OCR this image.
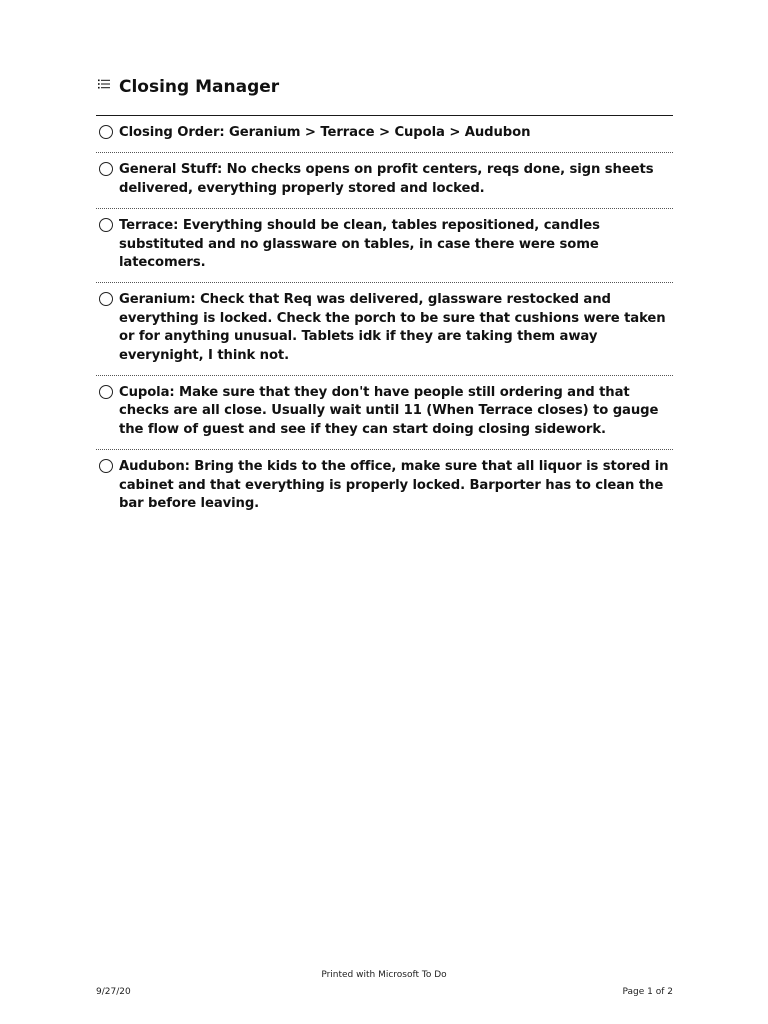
Closing Manager
Closing Order: Geranium > Terrace > Cupola > Audubon
General Stuff: No checks opens on profit centers, reqs done, sign sheets delivered, everything properly stored and locked.
Terrace: Everything should be clean, tables repositioned, candles substituted and no glassware on tables, in case there were some latecomers.
Geranium: Check that Req was delivered, glassware restocked and everything is locked. Check the porch to be sure that cushions were taken or for anything unusual. Tablets idk if they are taking them away everynight, I think not.
Cupola: Make sure that they don't have people still ordering and that checks are all close. Usually wait until 11 (When Terrace closes) to gauge the flow of guest and see if they can start doing closing sidework.
Audubon: Bring the kids to the office, make sure that all liquor is stored in cabinet and that everything is properly locked. Barporter has to clean the bar before leaving.
Printed with Microsoft To Do
9/27/20	Page 1 of 2
